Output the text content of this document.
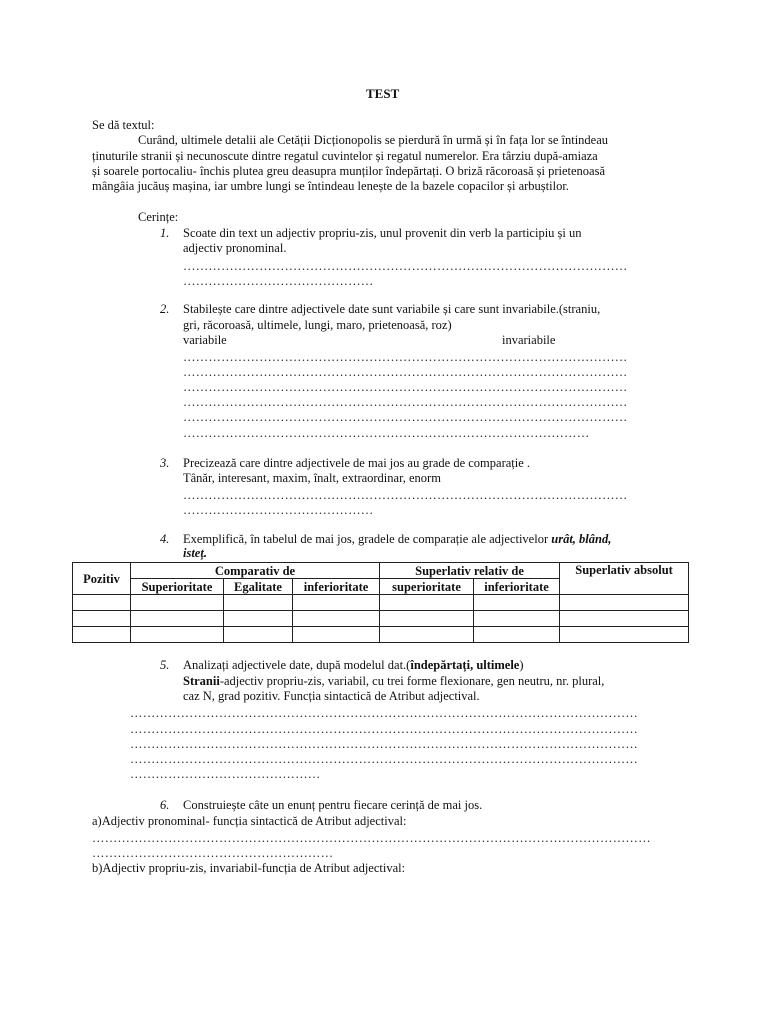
TEST
Se dă textul:
Curând, ultimele detalii ale Cetății Dicționopolis se pierdură în urmă și în fața lor se întindeau
ținuturile stranii și necunoscute dintre regatul cuvintelor și regatul numerelor. Era târziu după-amiaza
și soarele portocaliu- închis plutea greu deasupra munților îndepărtați. O briză răcoroasă și prietenoasă
mângâia jucăuș mașina, iar umbre lungi se întindeau lenește de la bazele copacilor și arbuștilor.
Cerințe:
1. Scoate din text un adjectiv propriu-zis, unul provenit din verb la participiu și un
adjectiv pronominal.
……………………………………………………………………………………………
………………………………………
2. Stabilește care dintre adjectivele date sunt variabile și care sunt invariabile.(straniu,
gri, răcoroasă, ultimele, lungi, maro, prietenoasă, roz)
variabile	invariabile
……………………………………………………………………………………………
……………………………………………………………………………………………
……………………………………………………………………………………………
……………………………………………………………………………………………
……………………………………………………………………………………………
……………………………………………………………………………………
3. Precizează care dintre adjectivele de mai jos au grade de comparație .
Tânăr, interesant, maxim, înalt, extraordinar, enorm
……………………………………………………………………………………………
………………………………………
4. Exemplifică, în tabelul de mai jos, gradele de comparație ale adjectivelor urât, blând,
isteț.
Pozitiv	Comparativ de			Superlativ relativ de		Superlativ absolut
	Superioritate	Egalitate	inferioritate	superioritate	inferioritate	

5. Analizați adjectivele date, după modelul dat.(îndepărtați, ultimele)
Stranii-adjectiv propriu-zis, variabil, cu trei forme flexionare, gen neutru, nr. plural,
caz N, grad pozitiv. Funcția sintactică de Atribut adjectival.
…………………………………………………………………………………………………………
…………………………………………………………………………………………………………
…………………………………………………………………………………………………………
…………………………………………………………………………………………………………
………………………………………
6. Construiește câte un enunț pentru fiecare cerință de mai jos.
a)Adjectiv pronominal- funcția sintactică de Atribut adjectival:
……………………………………………………………………………………………………………………
…………………………………………………
b)Adjectiv propriu-zis, invariabil-funcția de Atribut adjectival:
